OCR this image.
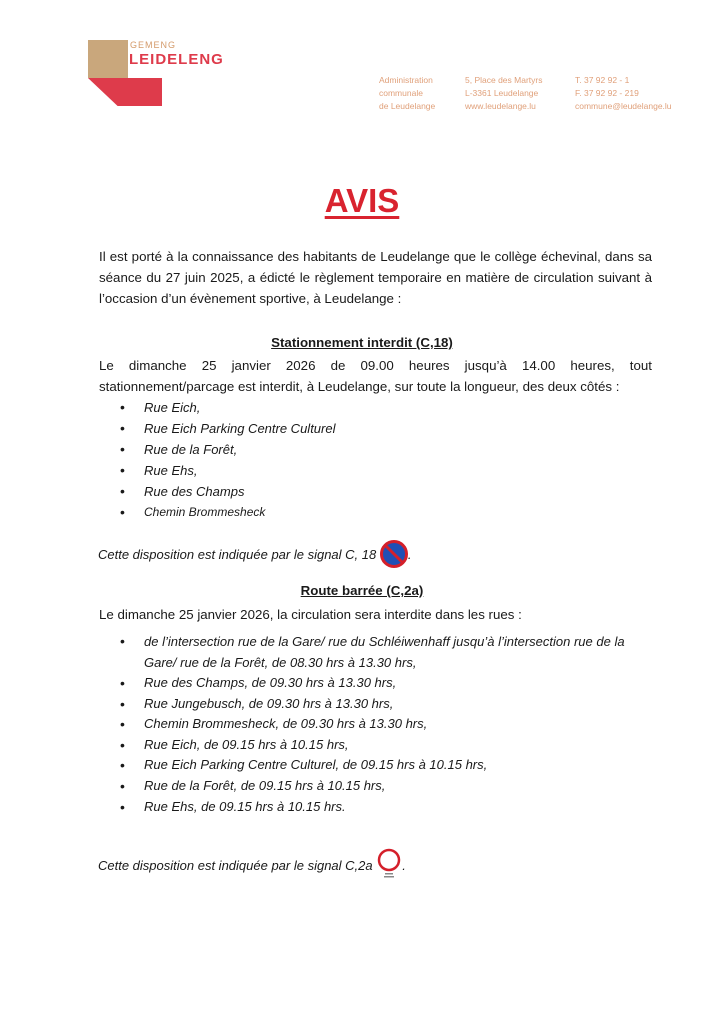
GEMENG
LEIDELENG
Administration
communale
de Leudelange
5, Place des Martyrs
L-3361 Leudelange
www.leudelange.lu
T. 37 92 92 - 1
F. 37 92 92 - 219
commune@leudelange.lu
AVIS
Il est porté à la connaissance des habitants de Leudelange que le collège échevinal, dans sa séance du 27 juin 2025, a édicté le règlement temporaire en matière de circulation suivant à l’occasion d’un évènement sportive, à Leudelange :
Stationnement interdit (C,18)
Le dimanche 25 janvier 2026 de 09.00 heures jusqu’à 14.00 heures, tout stationnement/parcage est interdit, à Leudelange, sur toute la longueur, des deux côtés :
• Rue Eich,
• Rue Eich Parking Centre Culturel
• Rue de la Forêt,
• Rue Ehs,
• Rue des Champs
• Chemin Brommesheck
Cette disposition est indiquée par le signal C, 18 .
Route barrée (C,2a)
Le dimanche 25 janvier 2026, la circulation sera interdite dans les rues :
• de l’intersection rue de la Gare/ rue du Schléiwenhaff jusqu’à l’intersection rue de la Gare/ rue de la Forêt, de 08.30 hrs à 13.30 hrs,
• Rue des Champs, de 09.30 hrs à 13.30 hrs,
• Rue Jungebusch, de 09.30 hrs à 13.30 hrs,
• Chemin Brommesheck, de 09.30 hrs à 13.30 hrs,
• Rue Eich, de 09.15 hrs à 10.15 hrs,
• Rue Eich Parking Centre Culturel, de 09.15 hrs à 10.15 hrs,
• Rue de la Forêt, de 09.15 hrs à 10.15 hrs,
• Rue Ehs, de 09.15 hrs à 10.15 hrs.
Cette disposition est indiquée par le signal C,2a .
